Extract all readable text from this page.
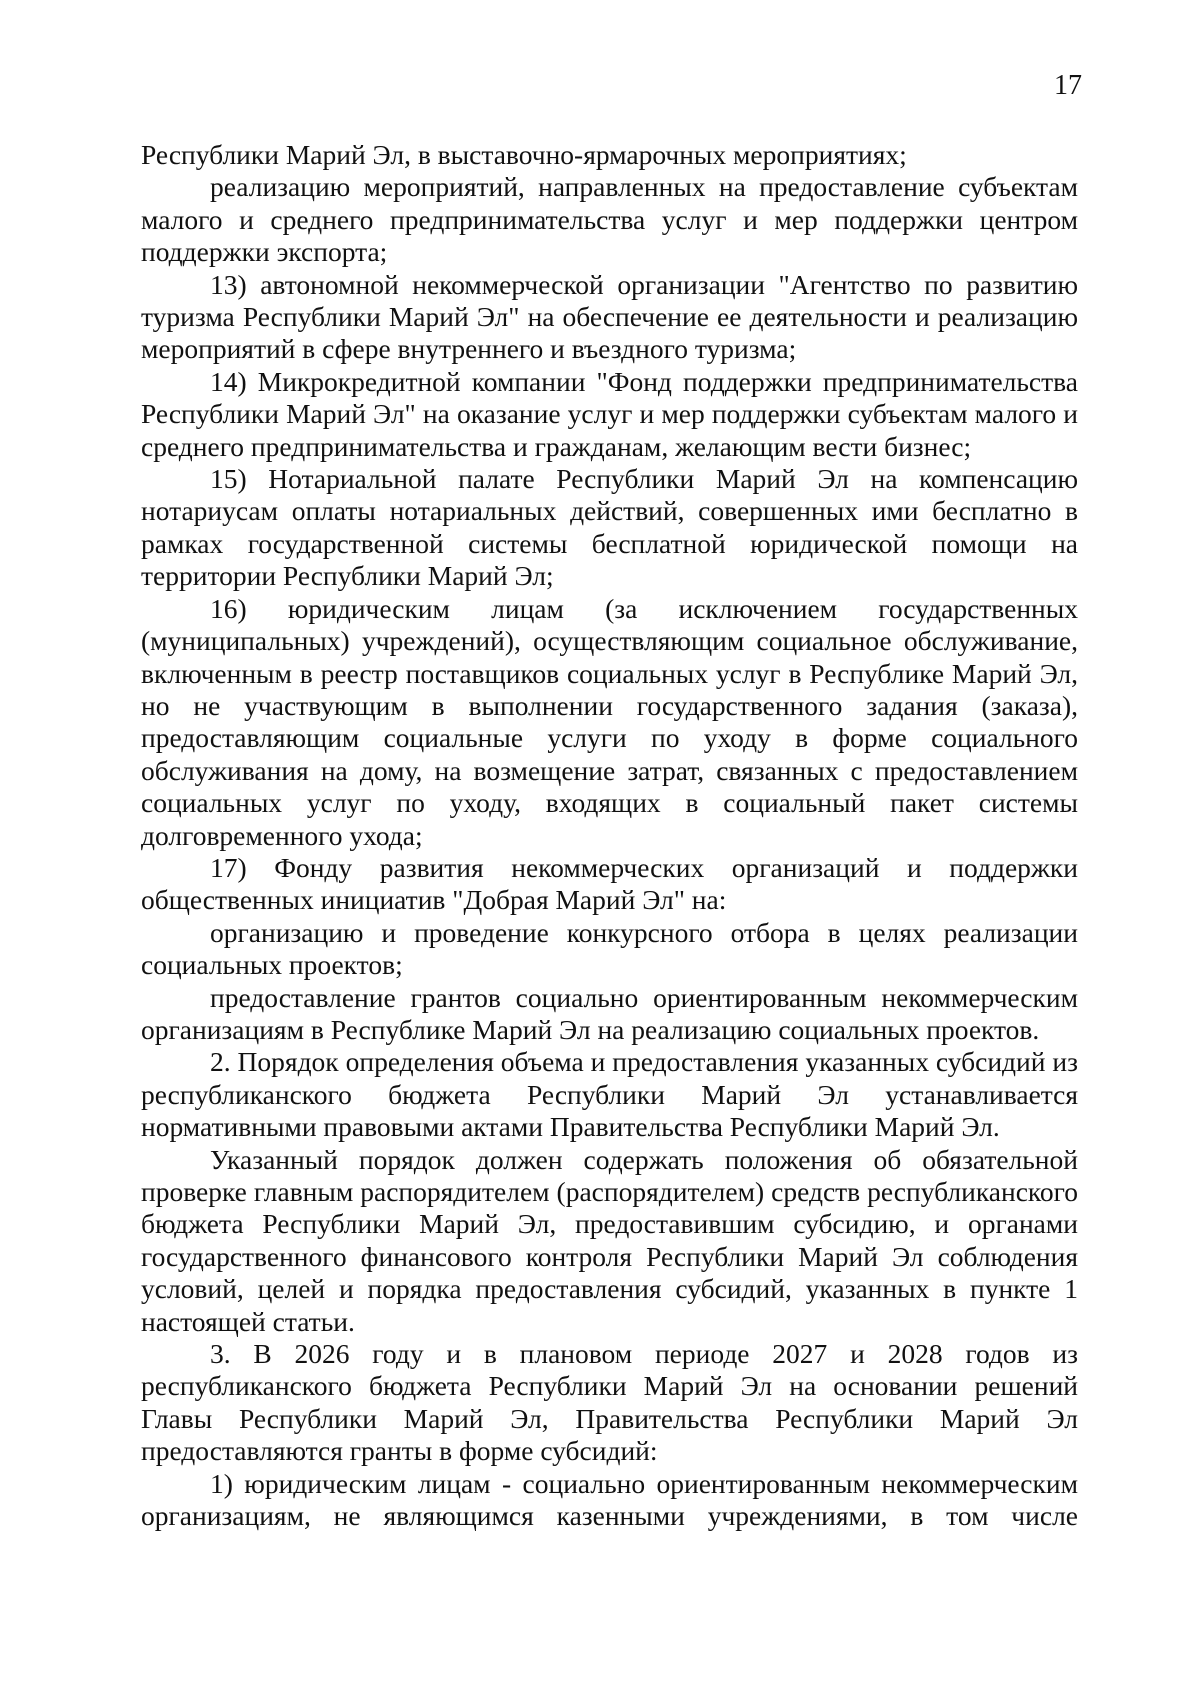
17

Республики Марий Эл, в выставочно-ярмарочных мероприятиях;

реализацию мероприятий, направленных на предоставление субъектам малого и среднего предпринимательства услуг и мер поддержки центром поддержки экспорта;

13) автономной некоммерческой организации "Агентство по развитию туризма Республики Марий Эл" на обеспечение ее деятельности и реализацию мероприятий в сфере внутреннего и въездного туризма;

14) Микрокредитной компании "Фонд поддержки предпринимательства Республики Марий Эл" на оказание услуг и мер поддержки субъектам малого и среднего предпринимательства и гражданам, желающим вести бизнес;

15) Нотариальной палате Республики Марий Эл на компенсацию нотариусам оплаты нотариальных действий, совершенных ими бесплатно в рамках государственной системы бесплатной юридической помощи на территории Республики Марий Эл;

16) юридическим лицам (за исключением государственных (муниципальных) учреждений), осуществляющим социальное обслуживание, включенным в реестр поставщиков социальных услуг в Республике Марий Эл, но не участвующим в выполнении государственного задания (заказа), предоставляющим социальные услуги по уходу в форме социального обслуживания на дому, на возмещение затрат, связанных с предоставлением социальных услуг по уходу, входящих в социальный пакет системы долговременного ухода;

17) Фонду развития некоммерческих организаций и поддержки общественных инициатив "Добрая Марий Эл" на:

организацию и проведение конкурсного отбора в целях реализации социальных проектов;

предоставление грантов социально ориентированным некоммерческим организациям в Республике Марий Эл на реализацию социальных проектов.

2. Порядок определения объема и предоставления указанных субсидий из республиканского бюджета Республики Марий Эл устанавливается нормативными правовыми актами Правительства Республики Марий Эл.

Указанный порядок должен содержать положения об обязательной проверке главным распорядителем (распорядителем) средств республиканского бюджета Республики Марий Эл, предоставившим субсидию, и органами государственного финансового контроля Республики Марий Эл соблюдения условий, целей и порядка предоставления субсидий, указанных в пункте 1 настоящей статьи.

3. В 2026 году и в плановом периоде 2027 и 2028 годов из республиканского бюджета Республики Марий Эл на основании решений Главы Республики Марий Эл, Правительства Республики Марий Эл предоставляются гранты в форме субсидий:

1) юридическим лицам - социально ориентированным некоммерческим организациям, не являющимся казенными учреждениями, в том числе
